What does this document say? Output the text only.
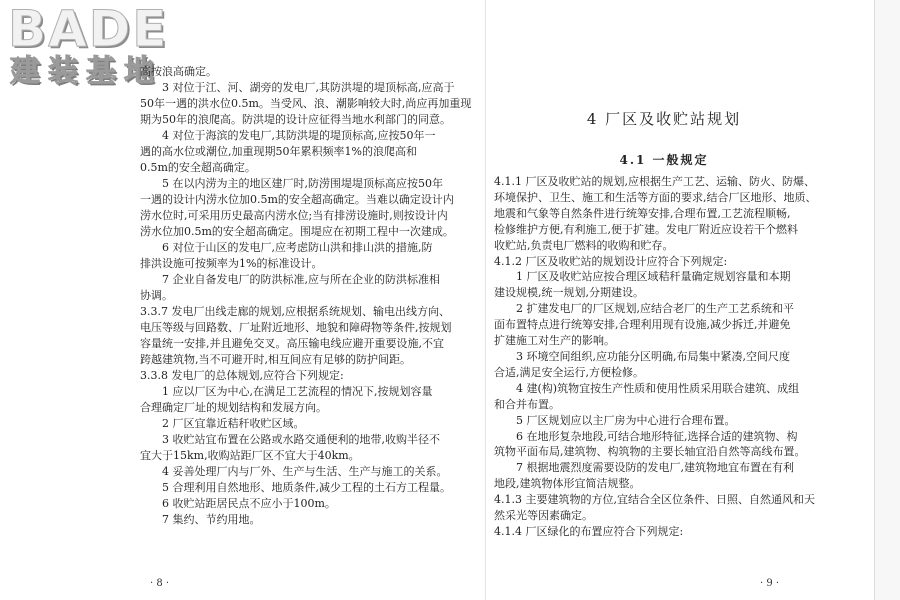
BADE
建装基地
高按浪高确定。
3 对位于江、河、湖旁的发电厂,其防洪堤的堤顶标高,应高于
50年一遇的洪水位0.5m。当受风、浪、潮影响较大时,尚应再加重现
期为50年的浪爬高。防洪堤的设计应征得当地水利部门的同意。
4 对位于海滨的发电厂,其防洪堤的堤顶标高,应按50年一
遇的高水位或潮位,加重现期50年累积频率1%的浪爬高和
0.5m的安全超高确定。
5 在以内涝为主的地区建厂时,防涝围堤堤顶标高应按50年
一遇的设计内涝水位加0.5m的安全超高确定。当难以确定设计内
涝水位时,可采用历史最高内涝水位;当有排涝设施时,则按设计内
涝水位加0.5m的安全超高确定。围堤应在初期工程中一次建成。
6 对位于山区的发电厂,应考虑防山洪和排山洪的措施,防
排洪设施可按频率为1%的标准设计。
7 企业自备发电厂的防洪标准,应与所在企业的防洪标准相
协调。
3.3.7 发电厂出线走廊的规划,应根据系统规划、输电出线方向、
电压等级与回路数、厂址附近地形、地貌和障碍物等条件,按规划
容量统一安排,并且避免交叉。高压输电线应避开重要设施,不宜
跨越建筑物,当不可避开时,相互间应有足够的防护间距。
3.3.8 发电厂的总体规划,应符合下列规定:
1 应以厂区为中心,在满足工艺流程的情况下,按规划容量
合理确定厂址的规划结构和发展方向。
2 厂区宜靠近秸秆收贮区域。
3 收贮站宜布置在公路或水路交通便利的地带,收购半径不
宜大于15km,收购站距厂区不宜大于40km。
4 妥善处理厂内与厂外、生产与生活、生产与施工的关系。
5 合理利用自然地形、地质条件,减少工程的土石方工程量。
6 收贮站距居民点不应小于100m。
7 集约、节约用地。
· 8 ·
4 厂区及收贮站规划
4.1 一般规定
4.1.1 厂区及收贮站的规划,应根据生产工艺、运输、防火、防爆、
环境保护、卫生、施工和生活等方面的要求,结合厂区地形、地质、
地震和气象等自然条件进行统筹安排,合理布置,工艺流程顺畅,
检修维护方便,有利施工,便于扩建。发电厂附近应设若干个燃料
收贮站,负责电厂燃料的收购和贮存。
4.1.2 厂区及收贮站的规划设计应符合下列规定:
1 厂区及收贮站应按合理区域秸秆量确定规划容量和本期
建设规模,统一规划,分期建设。
2 扩建发电厂的厂区规划,应结合老厂的生产工艺系统和平
面布置特点进行统筹安排,合理利用现有设施,减少拆迁,并避免
扩建施工对生产的影响。
3 环境空间组织,应功能分区明确,布局集中紧凑,空间尺度
合适,满足安全运行,方便检修。
4 建(构)筑物宜按生产性质和使用性质采用联合建筑、成组
和合并布置。
5 厂区规划应以主厂房为中心进行合理布置。
6 在地形复杂地段,可结合地形特征,选择合适的建筑物、构
筑物平面布局,建筑物、构筑物的主要长轴宜沿自然等高线布置。
7 根据地震烈度需要设防的发电厂,建筑物地宜布置在有利
地段,建筑物体形宜简洁规整。
4.1.3 主要建筑物的方位,宜结合全区位条件、日照、自然通风和天
然采光等因素确定。
4.1.4 厂区绿化的布置应符合下列规定:
· 9 ·
